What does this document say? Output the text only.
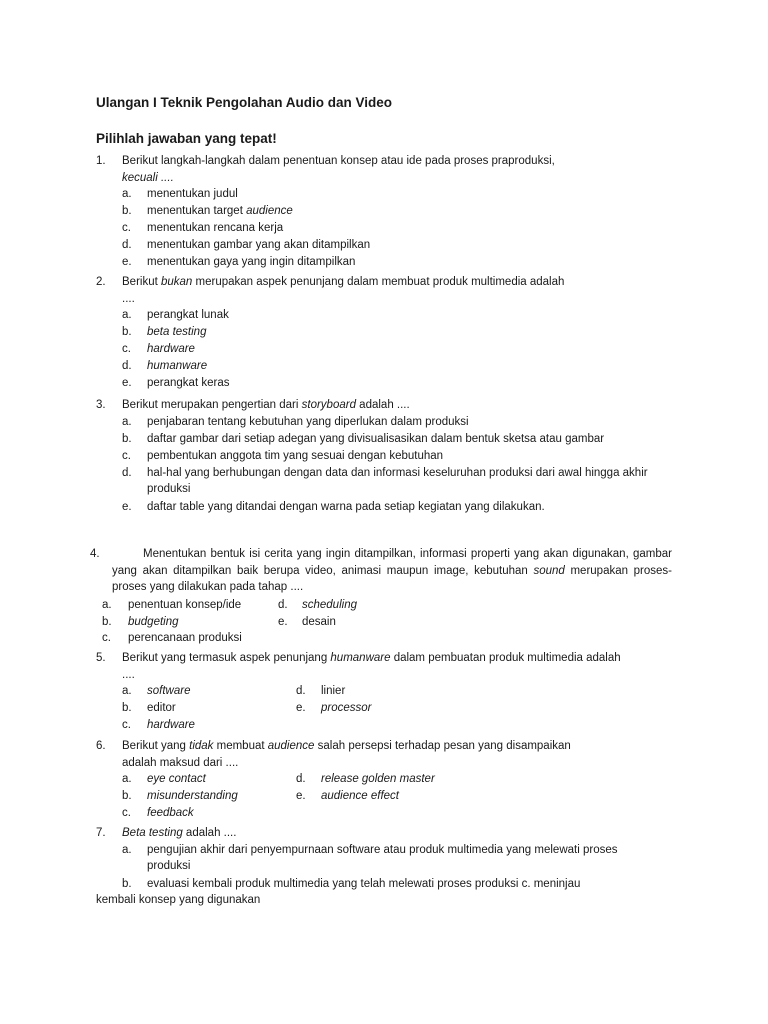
Ulangan I Teknik Pengolahan Audio dan Video
Pilihlah jawaban yang tepat!
1. Berikut langkah-langkah dalam penentuan konsep atau ide pada proses praproduksi,
kecuali ....
a. menentukan judul
b. menentukan target audience
c. menentukan rencana kerja
d. menentukan gambar yang akan ditampilkan
e. menentukan gaya yang ingin ditampilkan
2. Berikut bukan merupakan aspek penunjang dalam membuat produk multimedia adalah
....
a. perangkat lunak
b. beta testing
c. hardware
d. humanware
e. perangkat keras
3. Berikut merupakan pengertian dari storyboard adalah ....
a. penjabaran tentang kebutuhan yang diperlukan dalam produksi
b. daftar gambar dari setiap adegan yang divisualisasikan dalam bentuk sketsa atau gambar
c. pembentukan anggota tim yang sesuai dengan kebutuhan
d. hal-hal yang berhubungan dengan data dan informasi keseluruhan produksi dari awal hingga akhir
produksi
e. daftar table yang ditandai dengan warna pada setiap kegiatan yang dilakukan.
4.	Menentukan bentuk isi cerita yang ingin ditampilkan, informasi properti yang akan digunakan, gambar yang akan ditampilkan baik berupa video, animasi maupun image, kebutuhan sound merupakan proses-proses yang dilakukan pada tahap ....
a. penentuan konsep/ide	d. scheduling
b. budgeting	e. desain
c. perencanaan produksi
5. Berikut yang termasuk aspek penunjang humanware dalam pembuatan produk multimedia adalah
....
a. software	d. linier
b. editor	e. processor
c. hardware
6. Berikut yang tidak membuat audience salah persepsi terhadap pesan yang disampaikan
adalah maksud dari ....
a. eye contact	d. release golden master
b. misunderstanding	e. audience effect
c. feedback
7. Beta testing adalah ....
a. pengujian akhir dari penyempurnaan software atau produk multimedia yang melewati proses
produksi
b. evaluasi kembali produk multimedia yang telah melewati proses produksi c. meninjau
kembali konsep yang digunakan
